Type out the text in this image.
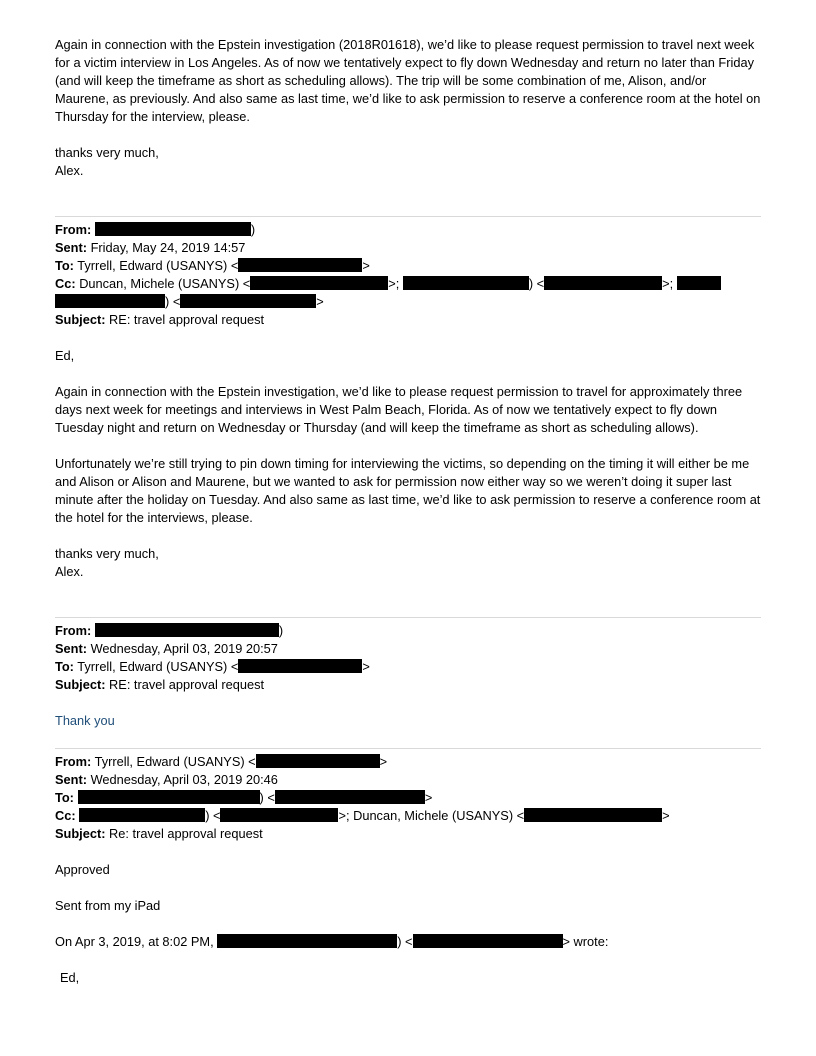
Again in connection with the Epstein investigation (2018R01618), we’d like to please request permission to travel next week for a victim interview in Los Angeles. As of now we tentatively expect to fly down Wednesday and return no later than Friday (and will keep the timeframe as short as scheduling allows). The trip will be some combination of me, Alison, and/or Maurene, as previously. And also same as last time, we’d like to ask permission to reserve a conference room at the hotel on Thursday for the interview, please.

thanks very much,

Alex.

From:	)
Sent: Friday, May 24, 2019 14:57
To: Tyrrell, Edward (USANYS) <	>
Cc: Duncan, Michele (USANYS) <	>;	) <	>;
) <	>
Subject: RE: travel approval request

Ed,

Again in connection with the Epstein investigation, we’d like to please request permission to travel for approximately three days next week for meetings and interviews in West Palm Beach, Florida. As of now we tentatively expect to fly down Tuesday night and return on Wednesday or Thursday (and will keep the timeframe as short as scheduling allows).

Unfortunately we’re still trying to pin down timing for interviewing the victims, so depending on the timing it will either be me and Alison or Alison and Maurene, but we wanted to ask for permission now either way so we weren’t doing it super last minute after the holiday on Tuesday. And also same as last time, we’d like to ask permission to reserve a conference room at the hotel for the interviews, please.

thanks very much,

Alex.

From:	)
Sent: Wednesday, April 03, 2019 20:57
To: Tyrrell, Edward (USANYS) <	>
Subject: RE: travel approval request

Thank you

From: Tyrrell, Edward (USANYS) <	>
Sent: Wednesday, April 03, 2019 20:46
To:	) <	>
Cc:	) <	>; Duncan, Michele (USANYS) <	>
Subject: Re: travel approval request

Approved

Sent from my iPad

On Apr 3, 2019, at 8:02 PM,	) <	> wrote:

Ed,
